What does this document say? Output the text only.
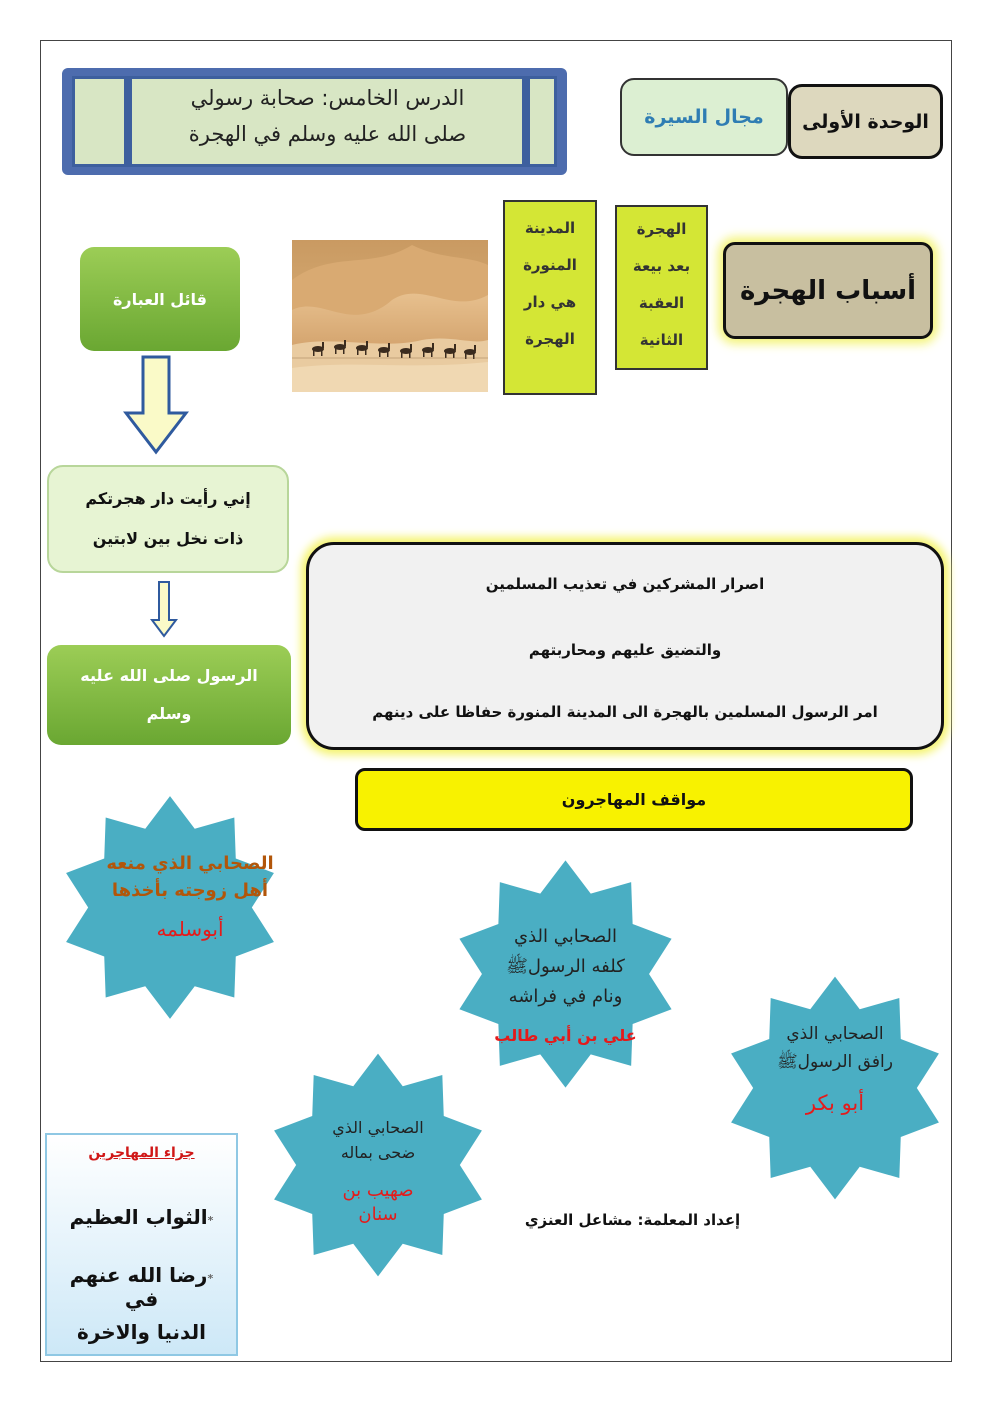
الدرس الخامس: صحابة رسولي
صلى الله عليه وسلم في الهجرة
مجال السيرة	الوحدة الأولى
أسباب الهجرة
الهجرة
بعد بيعة
العقبة
الثانية
المدينة
المنورة
هي دار
الهجرة
قائل العبارة
إني رأيت دار هجرتكم
ذات نخل بين لابتين
الرسول صلى الله عليه
وسلم
اصرار المشركين في تعذيب المسلمين
والتضيق عليهم ومحاربتهم
امر الرسول المسلمين بالهجرة الى المدينة المنورة حفاظا على دينهم
مواقف المهاجرون
الصحابي الذي منعه
أهل زوجته بأخذها
أبوسلمه	الصحابي الذي
كلفه الرسولﷺ
ونام في فراشه
علي بن أبي طالب	الصحابي الذي
رافق الرسولﷺ
أبو بكر
الصحابي الذي
ضحى بماله
صهيب بن
سنان
جزاء المهاجرين
*الثواب العظيم
*رضا الله عنهم في
الدنيا والاخرة
إعداد المعلمة: مشاعل العنزي
